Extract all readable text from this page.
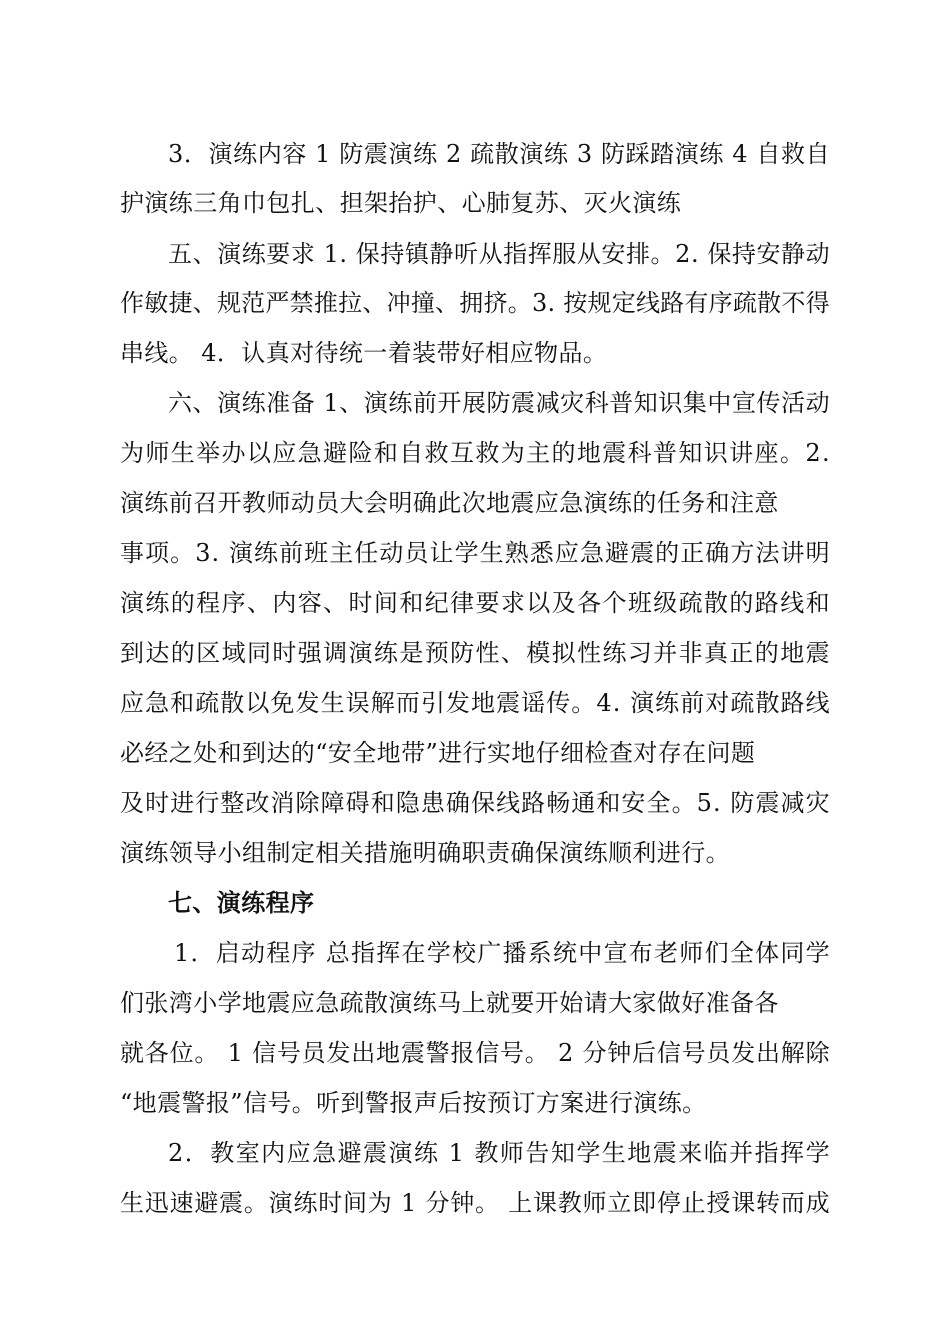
3．演练内容 1 防震演练 2 疏散演练 3 防踩踏演练 4 自救自
护演练三角巾包扎、担架抬护、心肺复苏、灭火演练
五、演练要求 1. 保持镇静听从指挥服从安排。2. 保持安静动
作敏捷、规范严禁推拉、冲撞、拥挤。3. 按规定线路有序疏散不得
串线。 4．认真对待统一着装带好相应物品。
六、演练准备 1、演练前开展防震减灾科普知识集中宣传活动
为师生举办以应急避险和自救互救为主的地震科普知识讲座。2.
演练前召开教师动员大会明确此次地震应急演练的任务和注意
事项。3. 演练前班主任动员让学生熟悉应急避震的正确方法讲明
演练的程序、内容、时间和纪律要求以及各个班级疏散的路线和
到达的区域同时强调演练是预防性、模拟性练习并非真正的地震
应急和疏散以免发生误解而引发地震谣传。4. 演练前对疏散路线
必经之处和到达的“安全地带”进行实地仔细检查对存在问题
及时进行整改消除障碍和隐患确保线路畅通和安全。5. 防震减灾
演练领导小组制定相关措施明确职责确保演练顺利进行。
七、演练程序
1．启动程序 总指挥在学校广播系统中宣布老师们全体同学
们张湾小学地震应急疏散演练马上就要开始请大家做好准备各
就各位。 1 信号员发出地震警报信号。 2 分钟后信号员发出解除
“地震警报”信号。听到警报声后按预订方案进行演练。
2．教室内应急避震演练 1 教师告知学生地震来临并指挥学
生迅速避震。演练时间为 1 分钟。 上课教师立即停止授课转而成
